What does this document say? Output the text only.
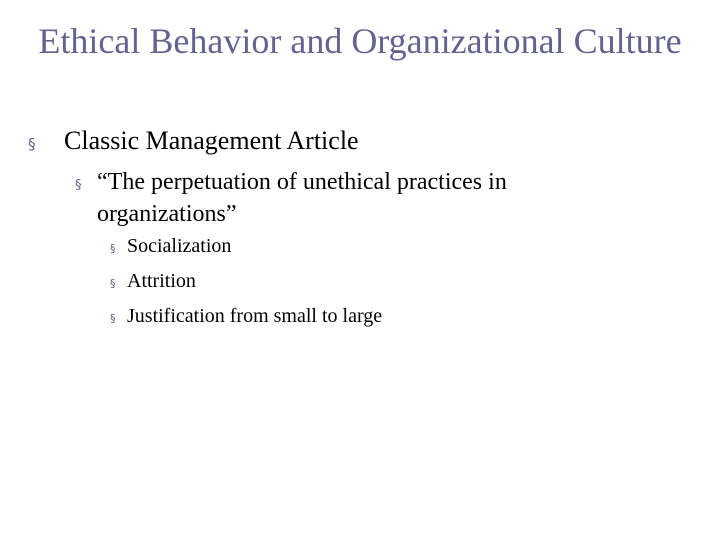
Ethical Behavior and Organizational Culture
§	Classic Management Article
§ “The perpetuation of unethical practices in organizations”
§ Socialization
§ Attrition
§ Justification from small to large
